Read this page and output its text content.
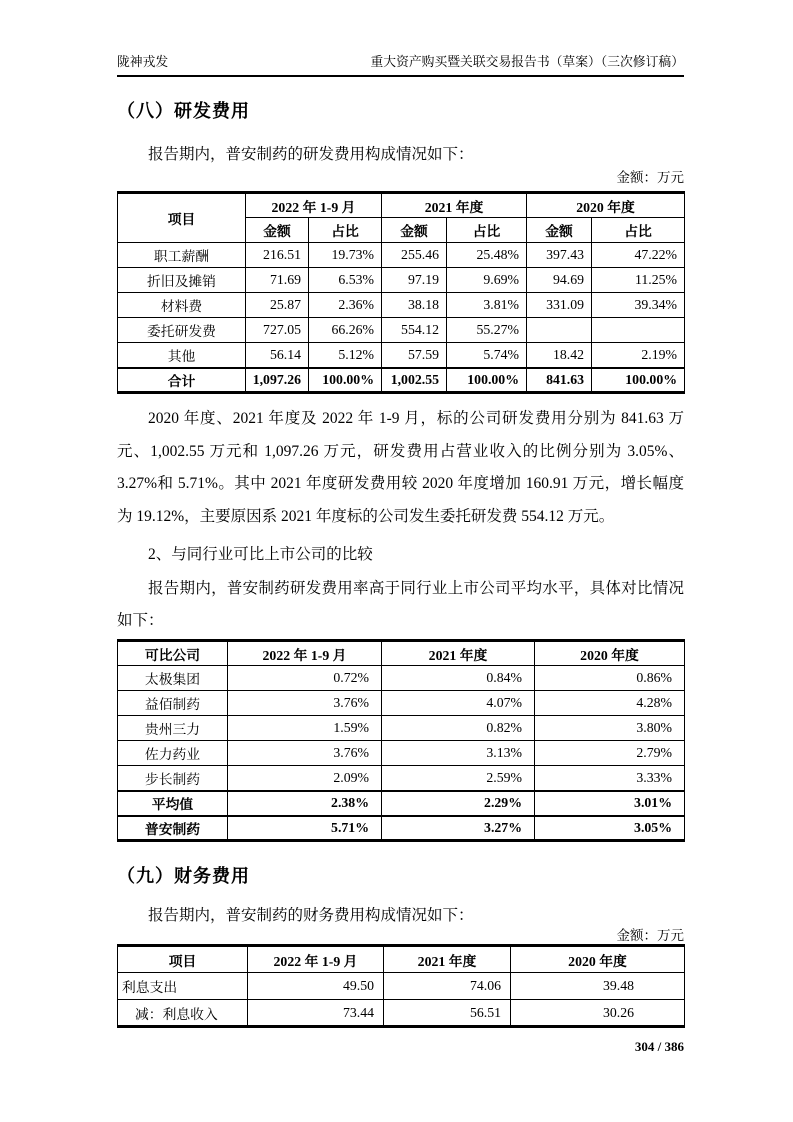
陇神戎发	重大资产购买暨关联交易报告书（草案）（三次修订稿）
（八）研发费用
报告期内，普安制药的研发费用构成情况如下：
金额：万元
项目	2022 年 1-9 月		2021 年度		2020 年度	
	金额	占比	金额	占比	金额	占比
职工薪酬	216.51	19.73%	255.46	25.48%	397.43	47.22%
折旧及摊销	71.69	6.53%	97.19	9.69%	94.69	11.25%
材料费	25.87	2.36%	38.18	3.81%	331.09	39.34%
委托研发费	727.05	66.26%	554.12	55.27%		
其他	56.14	5.12%	57.59	5.74%	18.42	2.19%
合计	1,097.26	100.00%	1,002.55	100.00%	841.63	100.00%
2020 年度、2021 年度及 2022 年 1-9 月，标的公司研发费用分别为 841.63 万元、1,002.55 万元和 1,097.26 万元，研发费用占营业收入的比例分别为 3.05%、3.27%和 5.71%。其中 2021 年度研发费用较 2020 年度增加 160.91 万元，增长幅度为 19.12%，主要原因系 2021 年度标的公司发生委托研发费 554.12 万元。
2、与同行业可比上市公司的比较
报告期内，普安制药研发费用率高于同行业上市公司平均水平，具体对比情况如下：
可比公司	2022 年 1-9 月	2021 年度	2020 年度
太极集团	0.72%	0.84%	0.86%
益佰制药	3.76%	4.07%	4.28%
贵州三力	1.59%	0.82%	3.80%
佐力药业	3.76%	3.13%	2.79%
步长制药	2.09%	2.59%	3.33%
平均值	2.38%	2.29%	3.01%
普安制药	5.71%	3.27%	3.05%
（九）财务费用
报告期内，普安制药的财务费用构成情况如下：
金额：万元
项目	2022 年 1-9 月	2021 年度	2020 年度
利息支出	49.50	74.06	39.48
减：利息收入	73.44	56.51	30.26
304 / 386
